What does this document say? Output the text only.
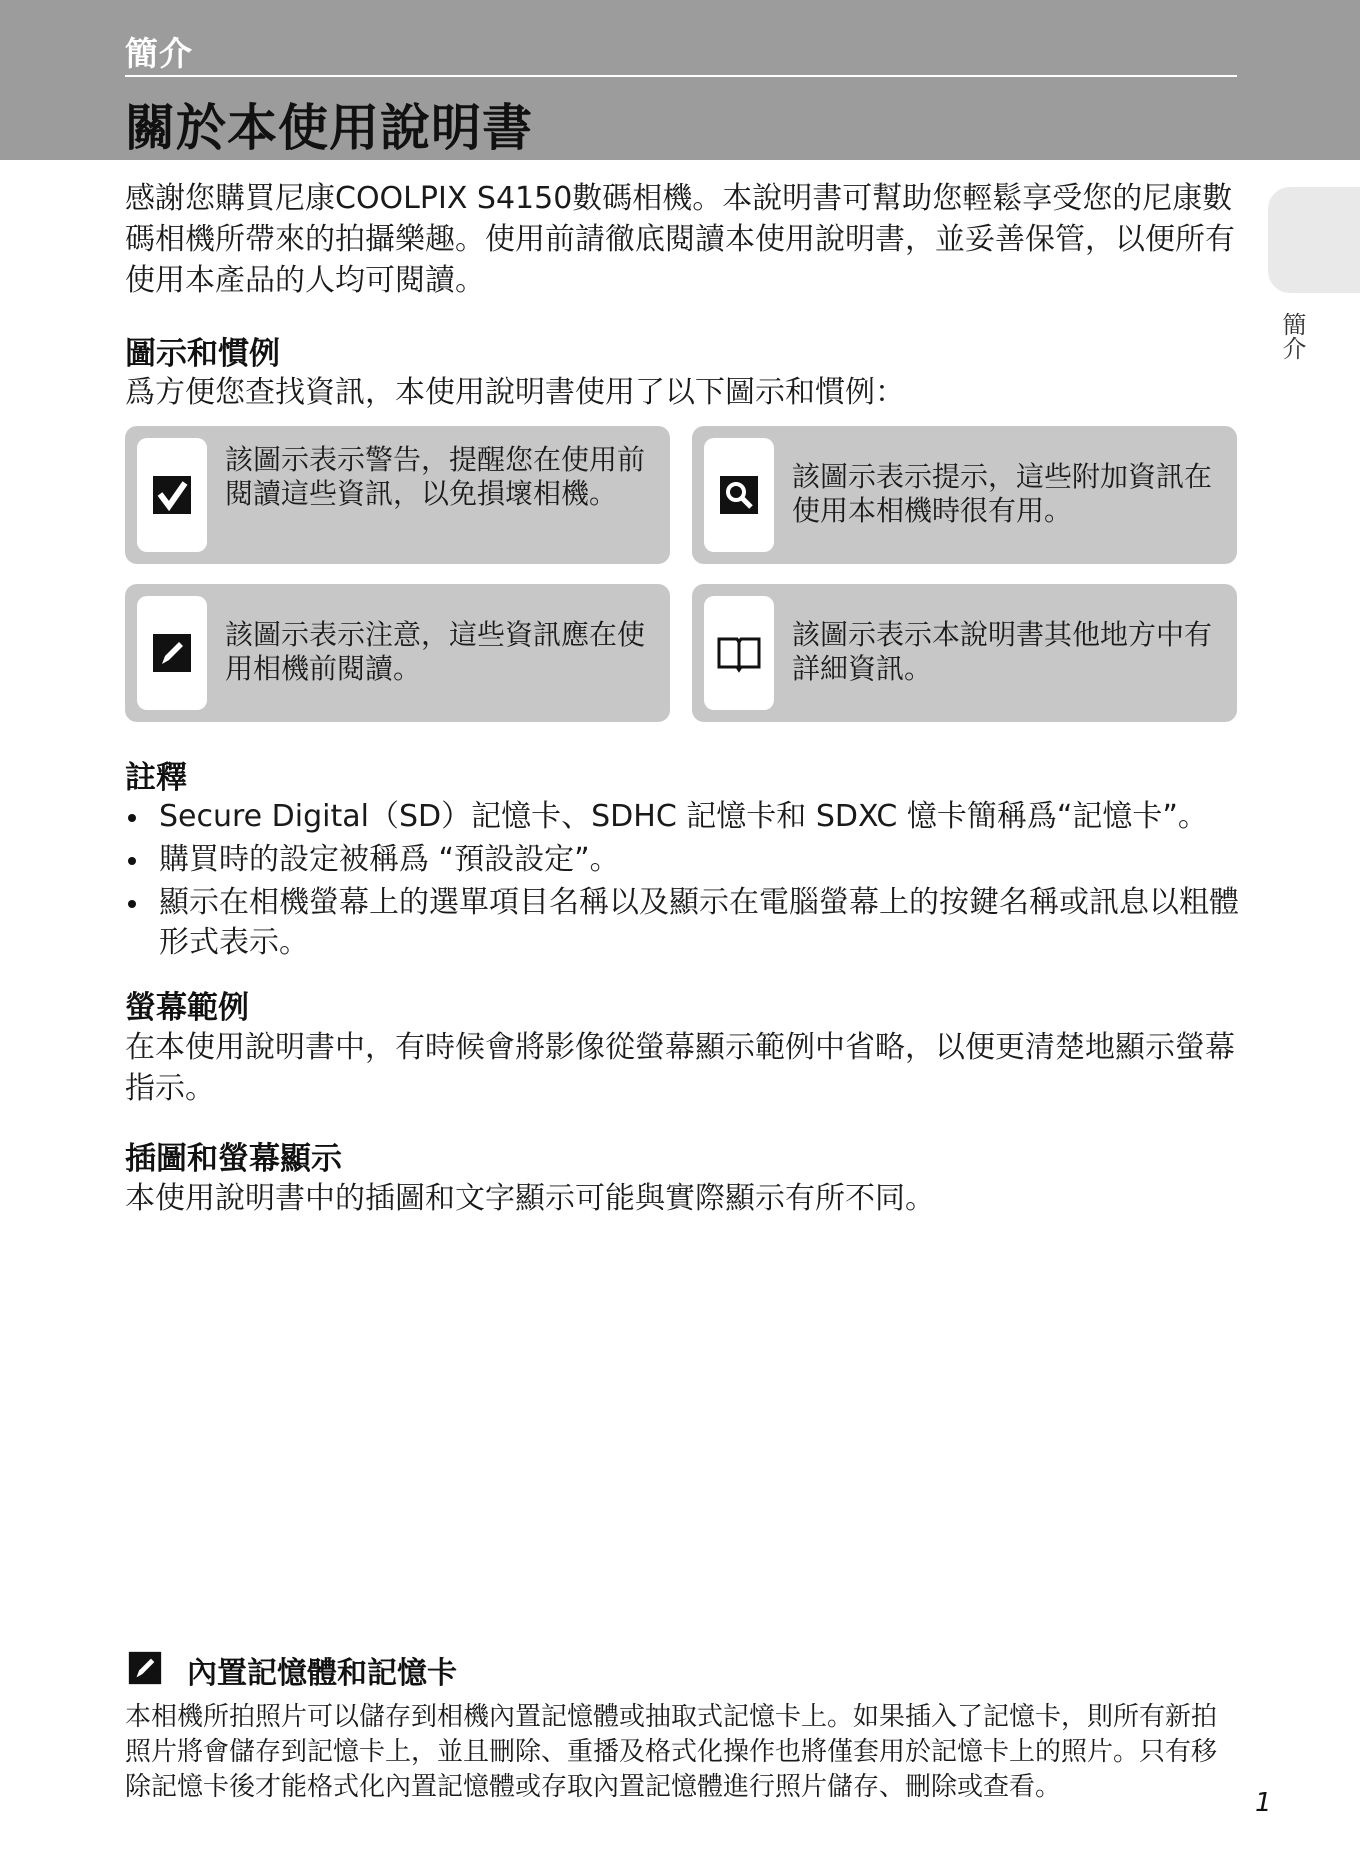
簡介
關於本使用說明書
簡介
感謝您購買尼康COOLPIX S4150數碼相機。本說明書可幫助您輕鬆享受您的尼康數碼相機所帶來的拍攝樂趣。使用前請徹底閱讀本使用說明書，並妥善保管，以便所有使用本產品的人均可閱讀。
圖示和慣例
爲方便您查找資訊，本使用說明書使用了以下圖示和慣例：
該圖示表示警告，提醒您在使用前閱讀這些資訊，以免損壞相機。
該圖示表示提示，這些附加資訊在使用本相機時很有用。
該圖示表示注意，這些資訊應在使用相機前閱讀。
該圖示表示本說明書其他地方中有詳細資訊。
註釋
Secure Digital（SD）記憶卡、SDHC 記憶卡和 SDXC 憶卡簡稱爲“記憶卡”。
購買時的設定被稱爲 “預設設定”。
顯示在相機螢幕上的選單項目名稱以及顯示在電腦螢幕上的按鍵名稱或訊息以粗體形式表示。
螢幕範例
在本使用說明書中，有時候會將影像從螢幕顯示範例中省略，以便更清楚地顯示螢幕指示。
插圖和螢幕顯示
本使用說明書中的插圖和文字顯示可能與實際顯示有所不同。
內置記憶體和記憶卡
本相機所拍照片可以儲存到相機內置記憶體或抽取式記憶卡上。如果插入了記憶卡，則所有新拍照片將會儲存到記憶卡上，並且刪除、重播及格式化操作也將僅套用於記憶卡上的照片。只有移除記憶卡後才能格式化內置記憶體或存取內置記憶體進行照片儲存、刪除或查看。
1
